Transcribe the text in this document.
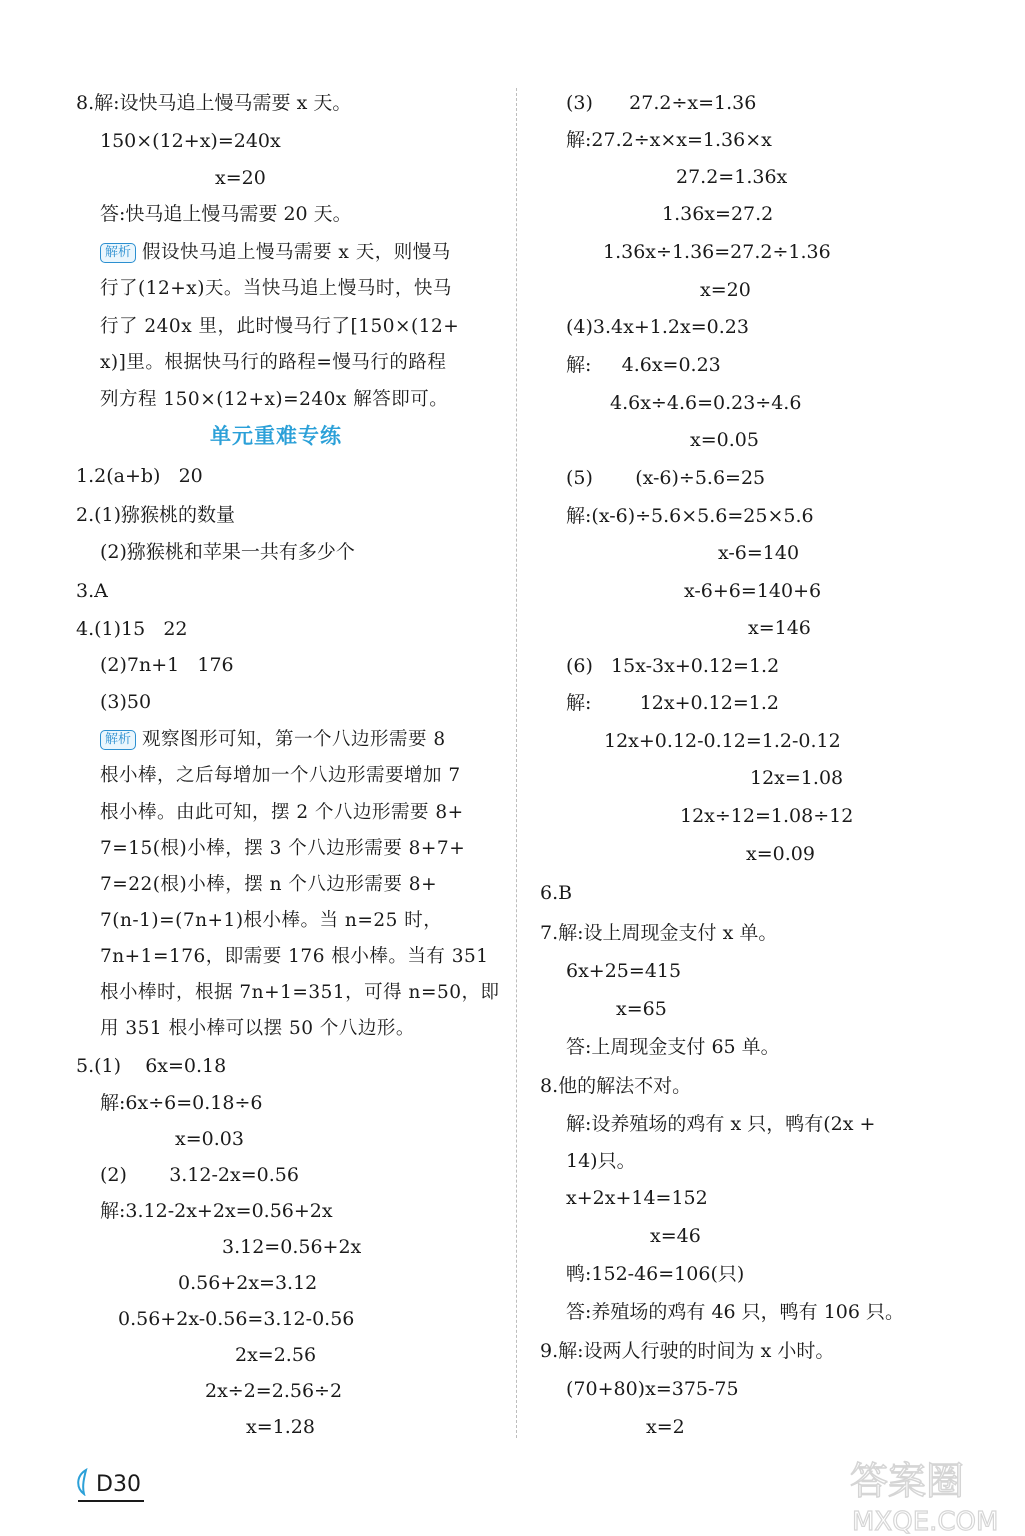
8.解:设快马追上慢马需要 x 天。
150×(12+x)=240x
x=20
答:快马追上慢马需要 20 天。
解析 假设快马追上慢马需要 x 天，则慢马
行了(12+x)天。当快马追上慢马时，快马
行了 240x 里，此时慢马行了[150×(12+
x)]里。根据快马行的路程=慢马行的路程
列方程 150×(12+x)=240x 解答即可。
1.2(a+b)   20
2.(1)猕猴桃的数量
(2)猕猴桃和苹果一共有多少个
3.A
4.(1)15   22
(2)7n+1   176
(3)50
解析 观察图形可知，第一个八边形需要 8
根小棒，之后每增加一个八边形需要增加 7
根小棒。由此可知，摆 2 个八边形需要 8+
7=15(根)小棒，摆 3 个八边形需要 8+7+
7=22(根)小棒，摆 n 个八边形需要 8+
7(n-1)=(7n+1)根小棒。当 n=25 时，
7n+1=176，即需要 176 根小棒。当有 351
根小棒时，根据 7n+1=351，可得 n=50，即
用 351 根小棒可以摆 50 个八边形。
5.(1)    6x=0.18
解:6x÷6=0.18÷6
x=0.03
(2)       3.12-2x=0.56
解:3.12-2x+2x=0.56+2x
3.12=0.56+2x
0.56+2x=3.12
0.56+2x-0.56=3.12-0.56
2x=2.56
2x÷2=2.56÷2
x=1.28
(3)      27.2÷x=1.36
解:27.2÷x×x=1.36×x
27.2=1.36x
1.36x=27.2
1.36x÷1.36=27.2÷1.36
x=20
(4)3.4x+1.2x=0.23
解:     4.6x=0.23
4.6x÷4.6=0.23÷4.6
x=0.05
(5)       (x-6)÷5.6=25
解:(x-6)÷5.6×5.6=25×5.6
x-6=140
x-6+6=140+6
x=146
(6)   15x-3x+0.12=1.2
解:        12x+0.12=1.2
12x+0.12-0.12=1.2-0.12
12x=1.08
12x÷12=1.08÷12
x=0.09
6.B
7.解:设上周现金支付 x 单。
6x+25=415
x=65
答:上周现金支付 65 单。
8.他的解法不对。
解:设养殖场的鸡有 x 只，鸭有(2x +
14)只。
x+2x+14=152
x=46
鸭:152-46=106(只)
答:养殖场的鸡有 46 只，鸭有 106 只。
9.解:设两人行驶的时间为 x 小时。
(70+80)x=375-75
x=2
单元重难专练
D30	答案圈
MXQE.COM
